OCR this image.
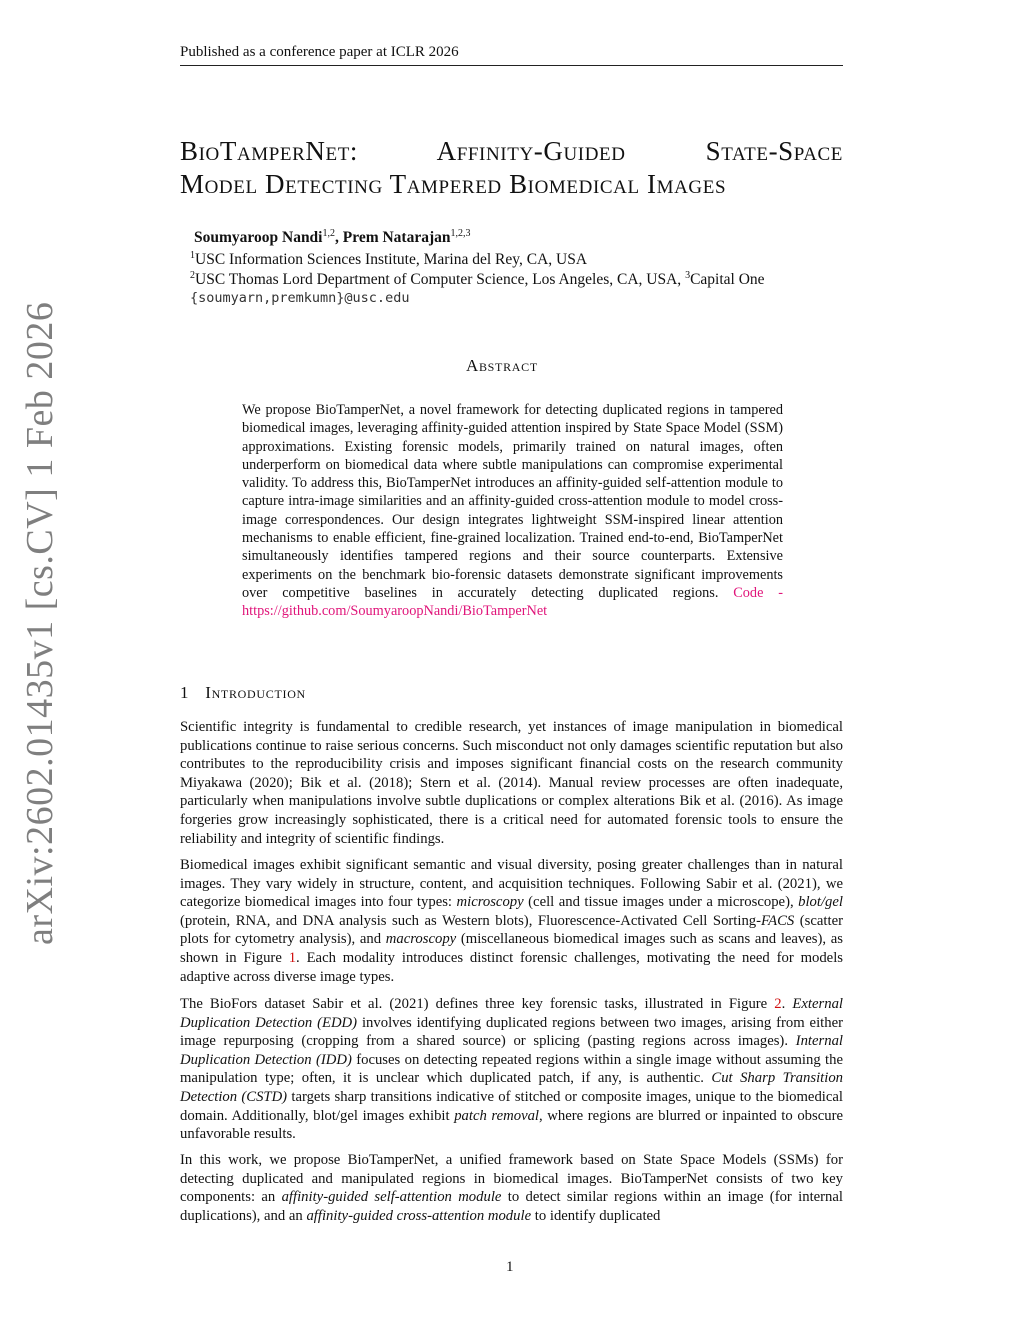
Published as a conference paper at ICLR 2026
arXiv:2602.01435v1 [cs.CV] 1 Feb 2026
BioTamperNet: Affinity-Guided State-Space
Model Detecting Tampered Biomedical Images
Soumyaroop Nandi$^{1,2}$, Prem Natarajan$^{1,2,3}$
$^1$USC Information Sciences Institute, Marina del Rey, CA, USA
$^2$USC Thomas Lord Department of Computer Science, Los Angeles, CA, USA, $^3$Capital One
{soumyarn,premkumn}@usc.edu
Abstract
We propose BioTamperNet, a novel framework for detecting duplicated regions in tampered biomedical images, leveraging affinity-guided attention inspired by State Space Model (SSM) approximations. Existing forensic models, primarily trained on natural images, often underperform on biomedical data where subtle manipulations can compromise experimental validity. To address this, BioTamperNet introduces an affinity-guided self-attention module to capture intra-image similarities and an affinity-guided cross-attention module to model cross-image correspondences. Our design integrates lightweight SSM-inspired linear attention mechanisms to enable efficient, fine-grained localization. Trained end-to-end, BioTamperNet simultaneously identifies tampered regions and their source counterparts. Extensive experiments on the benchmark bio-forensic datasets demonstrate significant improvements over competitive baselines in accurately detecting duplicated regions. Code - https://github.com/SoumyaroopNandi/BioTamperNet
1 Introduction
Scientific integrity is fundamental to credible research, yet instances of image manipulation in biomedical publications continue to raise serious concerns. Such misconduct not only damages scientific reputation but also contributes to the reproducibility crisis and imposes significant financial costs on the research community Miyakawa (2020); Bik et al. (2018); Stern et al. (2014). Manual review processes are often inadequate, particularly when manipulations involve subtle duplications or complex alterations Bik et al. (2016). As image forgeries grow increasingly sophisticated, there is a critical need for automated forensic tools to ensure the reliability and integrity of scientific findings.
Biomedical images exhibit significant semantic and visual diversity, posing greater challenges than in natural images. They vary widely in structure, content, and acquisition techniques. Following Sabir et al. (2021), we categorize biomedical images into four types: microscopy (cell and tissue images under a microscope), blot/gel (protein, RNA, and DNA analysis such as Western blots), Fluorescence-Activated Cell Sorting-FACS (scatter plots for cytometry analysis), and macroscopy (miscellaneous biomedical images such as scans and leaves), as shown in Figure 1. Each modality introduces distinct forensic challenges, motivating the need for models adaptive across diverse image types.
The BioFors dataset Sabir et al. (2021) defines three key forensic tasks, illustrated in Figure 2. External Duplication Detection (EDD) involves identifying duplicated regions between two images, arising from either image repurposing (cropping from a shared source) or splicing (pasting regions across images). Internal Duplication Detection (IDD) focuses on detecting repeated regions within a single image without assuming the manipulation type; often, it is unclear which duplicated patch, if any, is authentic. Cut Sharp Transition Detection (CSTD) targets sharp transitions indicative of stitched or composite images, unique to the biomedical domain. Additionally, blot/gel images exhibit patch removal, where regions are blurred or inpainted to obscure unfavorable results.
In this work, we propose BioTamperNet, a unified framework based on State Space Models (SSMs) for detecting duplicated and manipulated regions in biomedical images. BioTamperNet consists of two key components: an affinity-guided self-attention module to detect similar regions within an image (for internal duplications), and an affinity-guided cross-attention module to identify duplicated
1
